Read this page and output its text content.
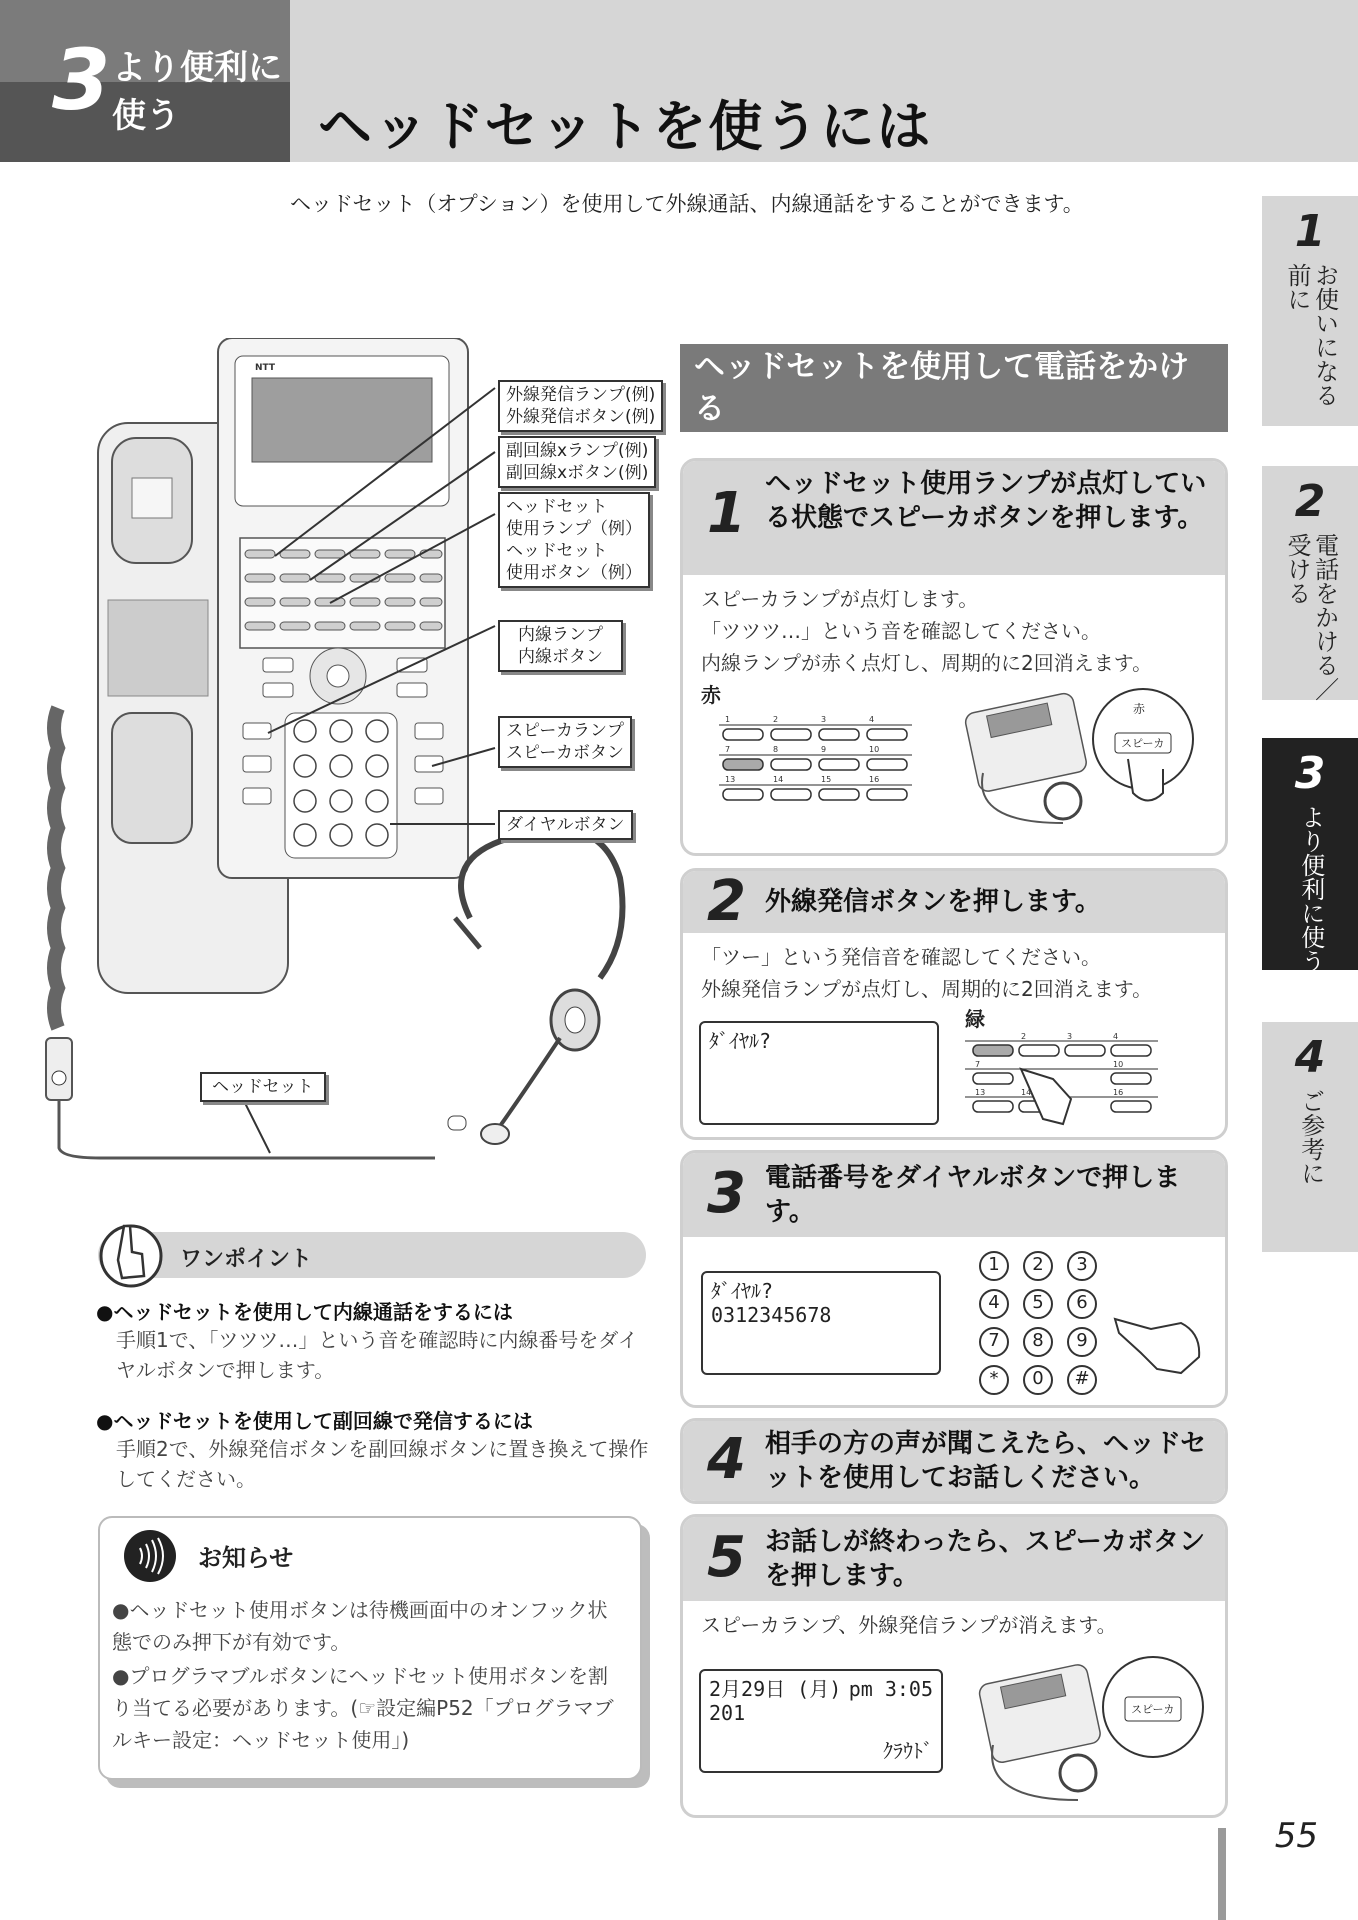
3 より便利に
使う	ヘッドセットを使うには
ヘッドセット（オプション）を使用して外線通話、内線通話をすることができます。
1
お使いになる前に
2
電話をかける／受ける
3
より便利に使う
4
ご参考に
NTT
外線発信ランプ(例)
外線発信ボタン(例)
副回線xランプ(例)
副回線xボタン(例)
ヘッドセット
使用ランプ（例）
ヘッドセット
使用ボタン（例）
内線ランプ
内線ボタン
スピーカランプ
スピーカボタン
ダイヤルボタン
ヘッドセット
ヘッドセットを使用して電話をかける
1 ヘッドセット使用ランプが点灯している状態でスピーカボタンを押します。
スピーカランプが点灯します。
「ツツツ…」という音を確認してください。
内線ランプが赤く点灯し、周期的に2回消えます。
赤
1	2	3	4
7	8	9	10
13	14	15	16
スピーカ
赤
2 外線発信ボタンを押します。
「ツー」という発信音を確認してください。
外線発信ランプが点灯し、周期的に2回消えます。
ﾀﾞｲﾔﾙ?
緑
2	3	4
7	10
13	14	16
3 電話番号をダイヤルボタンで押します。
ﾀﾞｲﾔﾙ?
0312345678
1	2	3
4	5	6
7	8	9
*	0	#
4 相手の方の声が聞こえたら、ヘッドセットを使用してお話しください。
5 お話しが終わったら、スピーカボタンを押します。
スピーカランプ、外線発信ランプが消えます。
2月29日 (月) pm 3:05
201
ｸﾗｳﾄﾞ
スピーカ
ワンポイント
●ヘッドセットを使用して内線通話をするには
手順1で、「ツツツ…」という音を確認時に内線番号をダイヤルボタンで押します。
●ヘッドセットを使用して副回線で発信するには
手順2で、外線発信ボタンを副回線ボタンに置き換えて操作してください。
お知らせ
●ヘッドセット使用ボタンは待機画面中のオンフック状態でのみ押下が有効です。
●プログラマブルボタンにヘッドセット使用ボタンを割り当てる必要があります。(☞設定編P52「プログラマブルキー設定：ヘッドセット使用」)
55
